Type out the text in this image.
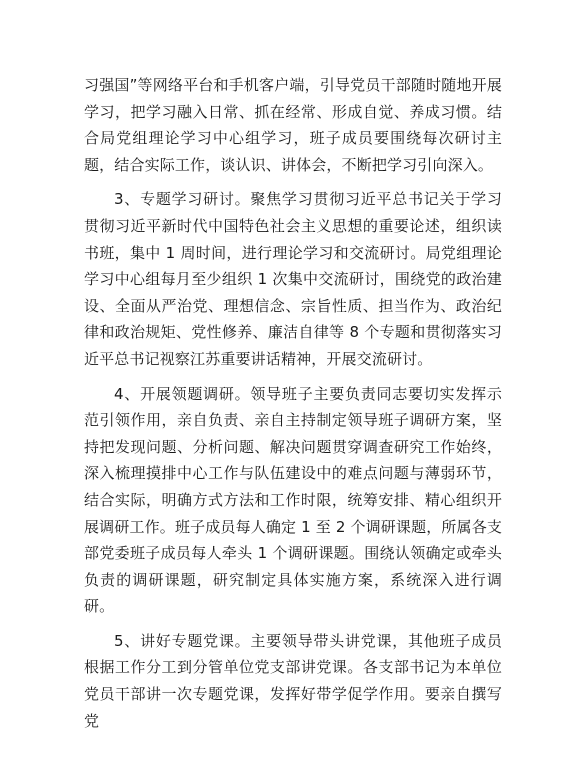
习强国”等网络平台和手机客户端，引导党员干部随时随地开展学习，把学习融入日常、抓在经常、形成自觉、养成习惯。结合局党组理论学习中心组学习，班子成员要围绕每次研讨主题，结合实际工作，谈认识、讲体会，不断把学习引向深入。

3、专题学习研讨。聚焦学习贯彻习近平总书记关于学习贯彻习近平新时代中国特色社会主义思想的重要论述，组织读书班，集中 1 周时间，进行理论学习和交流研讨。局党组理论学习中心组每月至少组织 1 次集中交流研讨，围绕党的政治建设、全面从严治党、理想信念、宗旨性质、担当作为、政治纪律和政治规矩、党性修养、廉洁自律等 8 个专题和贯彻落实习近平总书记视察江苏重要讲话精神，开展交流研讨。

4、开展领题调研。领导班子主要负责同志要切实发挥示范引领作用，亲自负责、亲自主持制定领导班子调研方案，坚持把发现问题、分析问题、解决问题贯穿调查研究工作始终，深入梳理摸排中心工作与队伍建设中的难点问题与薄弱环节，结合实际，明确方式方法和工作时限，统筹安排、精心组织开展调研工作。班子成员每人确定 1 至 2 个调研课题，所属各支部党委班子成员每人牵头 1 个调研课题。围绕认领确定或牵头负责的调研课题，研究制定具体实施方案，系统深入进行调研。

5、讲好专题党课。主要领导带头讲党课，其他班子成员根据工作分工到分管单位党支部讲党课。各支部书记为本单位党员干部讲一次专题党课，发挥好带学促学作用。要亲自撰写党
